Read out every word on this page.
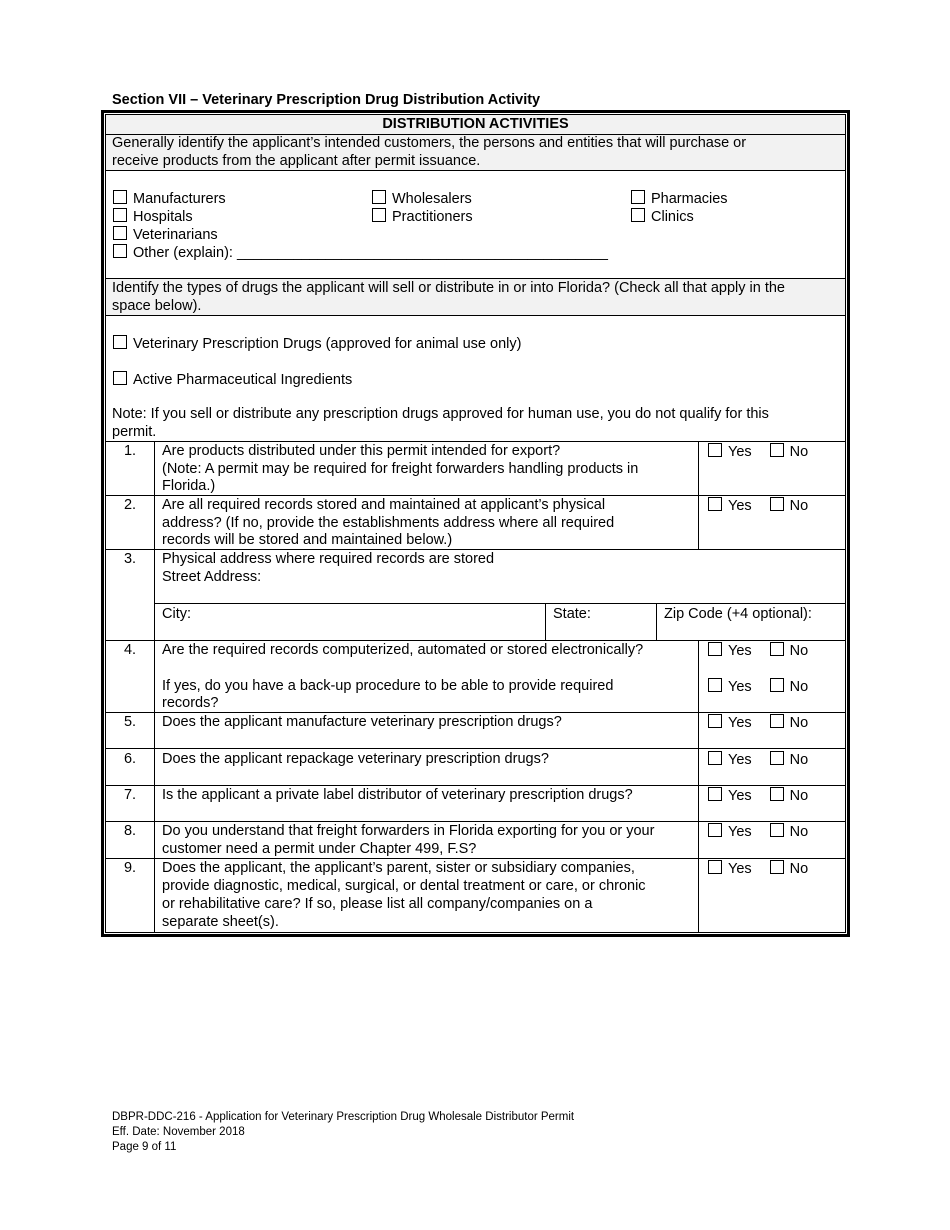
Section VII – Veterinary Prescription Drug Distribution Activity
DISTRIBUTION ACTIVITIES
Generally identify the applicant’s intended customers, the persons and entities that will purchase or
receive products from the applicant after permit issuance.
Manufacturers
Hospitals
Veterinarians
Other (explain): ______________________________________________
Wholesalers
Practitioners
Pharmacies
Clinics
Identify the types of drugs the applicant will sell or distribute in or into Florida? (Check all that apply in the
space below).
Veterinary Prescription Drugs (approved for animal use only)
Active Pharmaceutical Ingredients
Note: If you sell or distribute any prescription drugs approved for human use, you do not qualify for this
permit.
1.	Are products distributed under this permit intended for export?
(Note: A permit may be required for freight forwarders handling products in
Florida.)
Yes	No
2.	Are all required records stored and maintained at applicant’s physical
address? (If no, provide the establishments address where all required
records will be stored and maintained below.)
Yes	No
3.	Physical address where required records are stored
Street Address:
City:	State:	Zip Code (+4 optional):
4.	Are the required records computerized, automated or stored electronically?
If yes, do you have a back-up procedure to be able to provide required
records?
Yes	No
Yes	No
5.	Does the applicant manufacture veterinary prescription drugs?	Yes	No
6.	Does the applicant repackage veterinary prescription drugs?	Yes	No
7.	Is the applicant a private label distributor of veterinary prescription drugs?	Yes	No
8.	Do you understand that freight forwarders in Florida exporting for you or your
customer need a permit under Chapter 499, F.S?
Yes	No
9.	Does the applicant, the applicant’s parent, sister or subsidiary companies,
provide diagnostic, medical, surgical, or dental treatment or care, or chronic
or rehabilitative care? If so, please list all company/companies on a
separate sheet(s).
Yes	No
DBPR-DDC-216 - Application for Veterinary Prescription Drug Wholesale Distributor Permit
Eff. Date: November 2018
Page 9 of 11
